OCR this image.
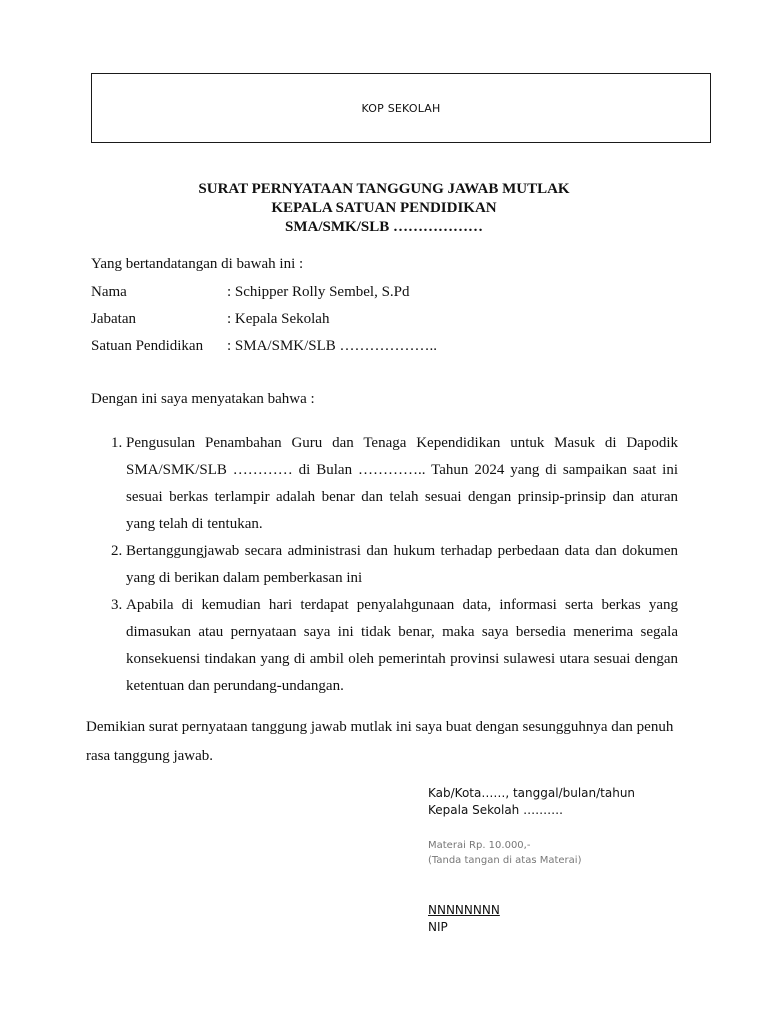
KOP SEKOLAH
SURAT PERNYATAAN TANGGUNG JAWAB MUTLAK
KEPALA SATUAN PENDIDIKAN
SMA/SMK/SLB ………………
Yang bertandatangan di bawah ini :
Nama	: Schipper Rolly Sembel, S.Pd
Jabatan	: Kepala Sekolah
Satuan Pendidikan	: SMA/SMK/SLB ………………..
Dengan ini saya menyatakan bahwa :
1. Pengusulan Penambahan Guru dan Tenaga Kependidikan untuk Masuk di Dapodik SMA/SMK/SLB ………… di Bulan ………….. Tahun 2024 yang di sampaikan saat ini sesuai berkas terlampir adalah benar dan telah sesuai dengan prinsip-prinsip dan aturan yang telah di tentukan.
2. Bertanggungjawab secara administrasi dan hukum terhadap perbedaan data dan dokumen yang di berikan dalam pemberkasan ini
3. Apabila di kemudian hari terdapat penyalahgunaan data, informasi serta berkas yang dimasukan atau pernyataan saya ini tidak benar, maka saya bersedia menerima segala konsekuensi tindakan yang di ambil oleh pemerintah provinsi sulawesi utara sesuai dengan ketentuan dan perundang-undangan.
Demikian surat pernyataan tanggung jawab mutlak ini saya buat dengan sesungguhnya dan penuh rasa tanggung jawab.
Kab/Kota……, tanggal/bulan/tahun
Kepala Sekolah ……….
Materai Rp. 10.000,-
(Tanda tangan di atas Materai)
NNNNNNNN
NIP
